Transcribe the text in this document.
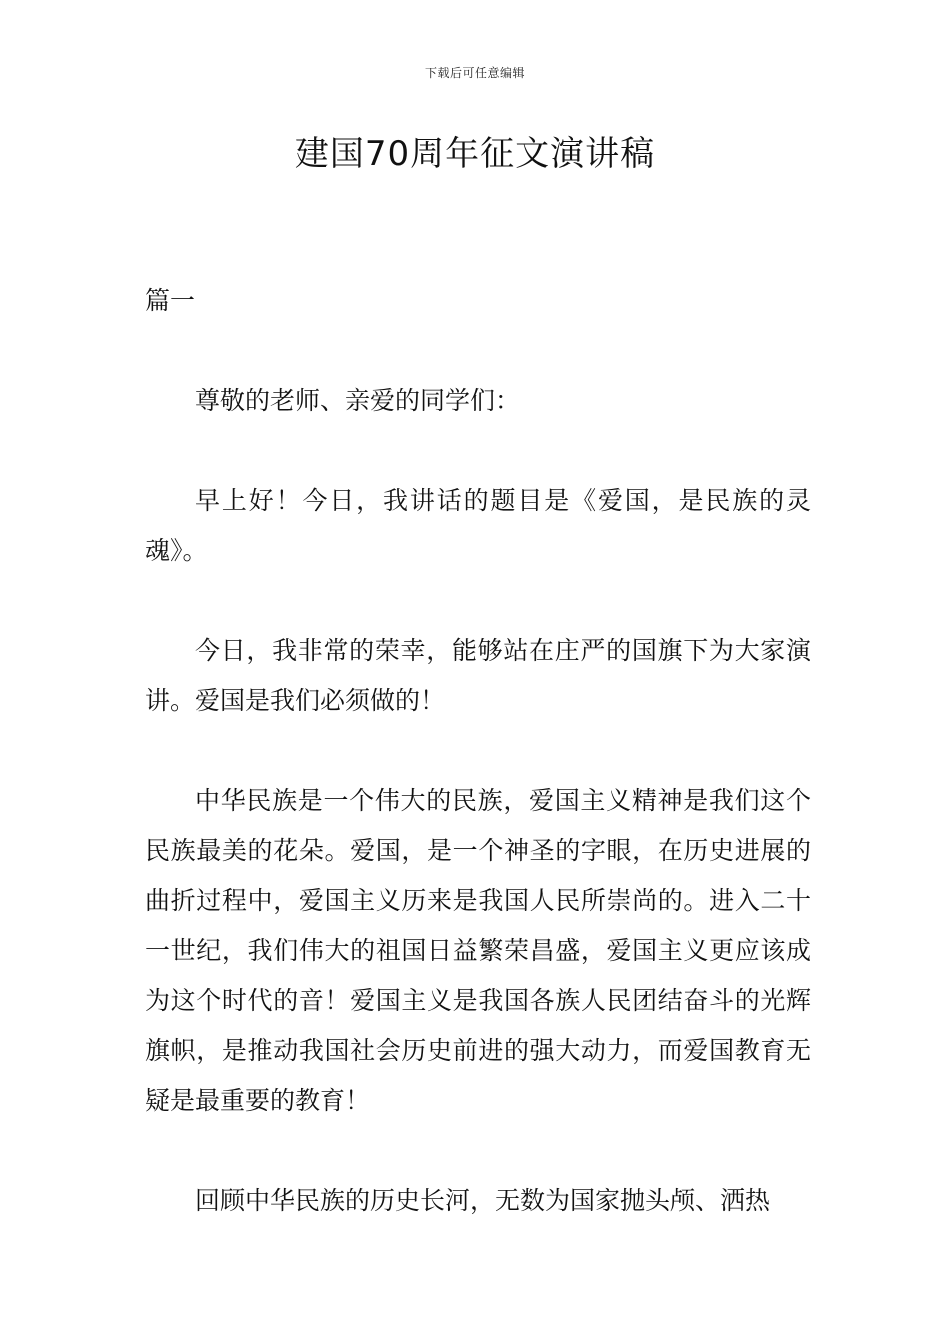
下载后可任意编辑
建国70周年征文演讲稿

篇一

尊敬的老师、亲爱的同学们：

早上好！今日，我讲话的题目是《爱国，是民族的灵魂》。

今日，我非常的荣幸，能够站在庄严的国旗下为大家演讲。爱国是我们必须做的！

中华民族是一个伟大的民族，爱国主义精神是我们这个民族最美的花朵。爱国，是一个神圣的字眼，在历史进展的曲折过程中，爱国主义历来是我国人民所崇尚的。进入二十一世纪，我们伟大的祖国日益繁荣昌盛，爱国主义更应该成为这个时代的音！爱国主义是我国各族人民团结奋斗的光辉旗帜，是推动我国社会历史前进的强大动力，而爱国教育无疑是最重要的教育！

回顾中华民族的历史长河，无数为国家抛头颅、洒热
